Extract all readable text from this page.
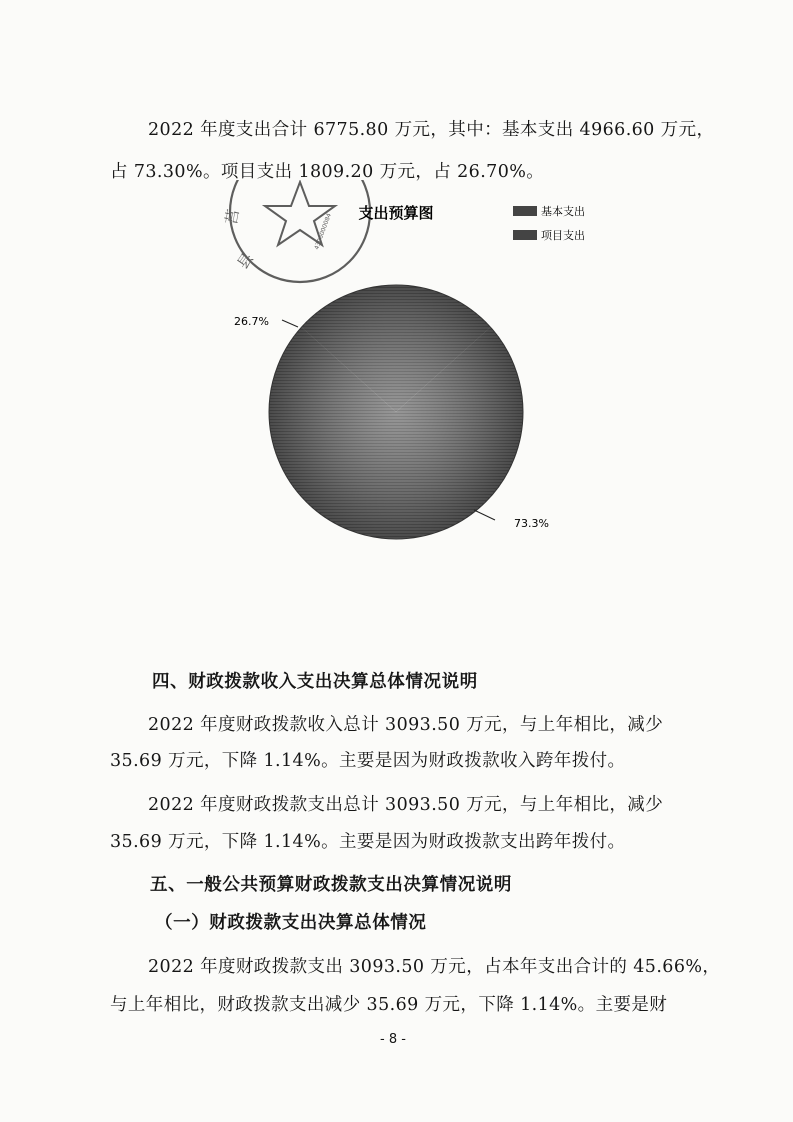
2022 年度支出合计 6775.80 万元，其中：基本支出 4966.60 万元，
占 73.30%。项目支出 1809.20 万元，占 26.70%。
县
莒	4306000084 支出预算图	基本支出
项目支出
73.3%
26.7%
四、财政拨款收入支出决算总体情况说明
2022 年度财政拨款收入总计 3093.50 万元，与上年相比，减少
35.69 万元，下降 1.14%。主要是因为财政拨款收入跨年拨付。
2022 年度财政拨款支出总计 3093.50 万元，与上年相比，减少
35.69 万元，下降 1.14%。主要是因为财政拨款支出跨年拨付。
五、一般公共预算财政拨款支出决算情况说明
（一）财政拨款支出决算总体情况
2022 年度财政拨款支出 3093.50 万元，占本年支出合计的 45.66%，
与上年相比，财政拨款支出减少 35.69 万元，下降 1.14%。主要是财
- 8 -
